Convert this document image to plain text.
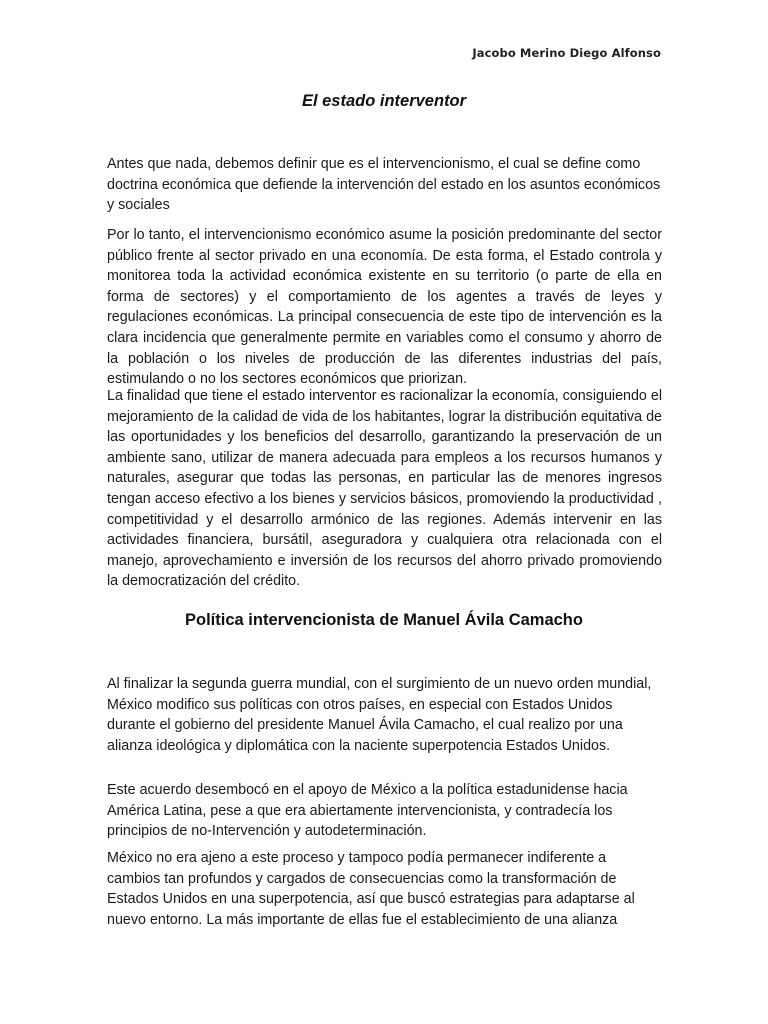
Jacobo Merino Diego Alfonso
El estado interventor

Antes que nada, debemos definir que es el intervencionismo, el cual se define como doctrina económica que defiende la intervención del estado en los asuntos económicos y sociales

Por lo tanto, el intervencionismo económico asume la posición predominante del sector público frente al sector privado en una economía. De esta forma, el Estado controla y monitorea toda la actividad económica existente en su territorio (o parte de ella en forma de sectores) y el comportamiento de los agentes a través de leyes y regulaciones económicas. La principal consecuencia de este tipo de intervención es la clara incidencia que generalmente permite en variables como el consumo y ahorro de la población o los niveles de producción de las diferentes industrias del país, estimulando o no los sectores económicos que priorizan.

La finalidad que tiene el estado interventor es racionalizar la economía, consiguiendo el mejoramiento de la calidad de vida de los habitantes, lograr la distribución equitativa de las oportunidades y los beneficios del desarrollo, garantizando la preservación de un ambiente sano, utilizar de manera adecuada para empleos a los recursos humanos y naturales, asegurar que todas las personas, en particular las de menores ingresos tengan acceso efectivo a los bienes y servicios básicos, promoviendo la productividad , competitividad y el desarrollo armónico de las regiones. Además intervenir en las actividades financiera, bursátil, aseguradora y cualquiera otra relacionada con el manejo, aprovechamiento e inversión de los recursos del ahorro privado promoviendo la democratización del crédito.

Política intervencionista de Manuel Ávila Camacho

Al finalizar la segunda guerra mundial, con el surgimiento de un nuevo orden mundial, México modifico sus políticas con otros países, en especial con Estados Unidos durante el gobierno del presidente Manuel Ávila Camacho, el cual realizo por una alianza ideológica y diplomática con la naciente superpotencia Estados Unidos.

Este acuerdo desembocó en el apoyo de México a la política estadunidense hacia América Latina, pese a que era abiertamente intervencionista, y contradecía los principios de no-Intervención y autodeterminación.

México no era ajeno a este proceso y tampoco podía permanecer indiferente a cambios tan profundos y cargados de consecuencias como la transformación de Estados Unidos en una superpotencia, así que buscó estrategias para adaptarse al nuevo entorno. La más importante de ellas fue el establecimiento de una alianza
